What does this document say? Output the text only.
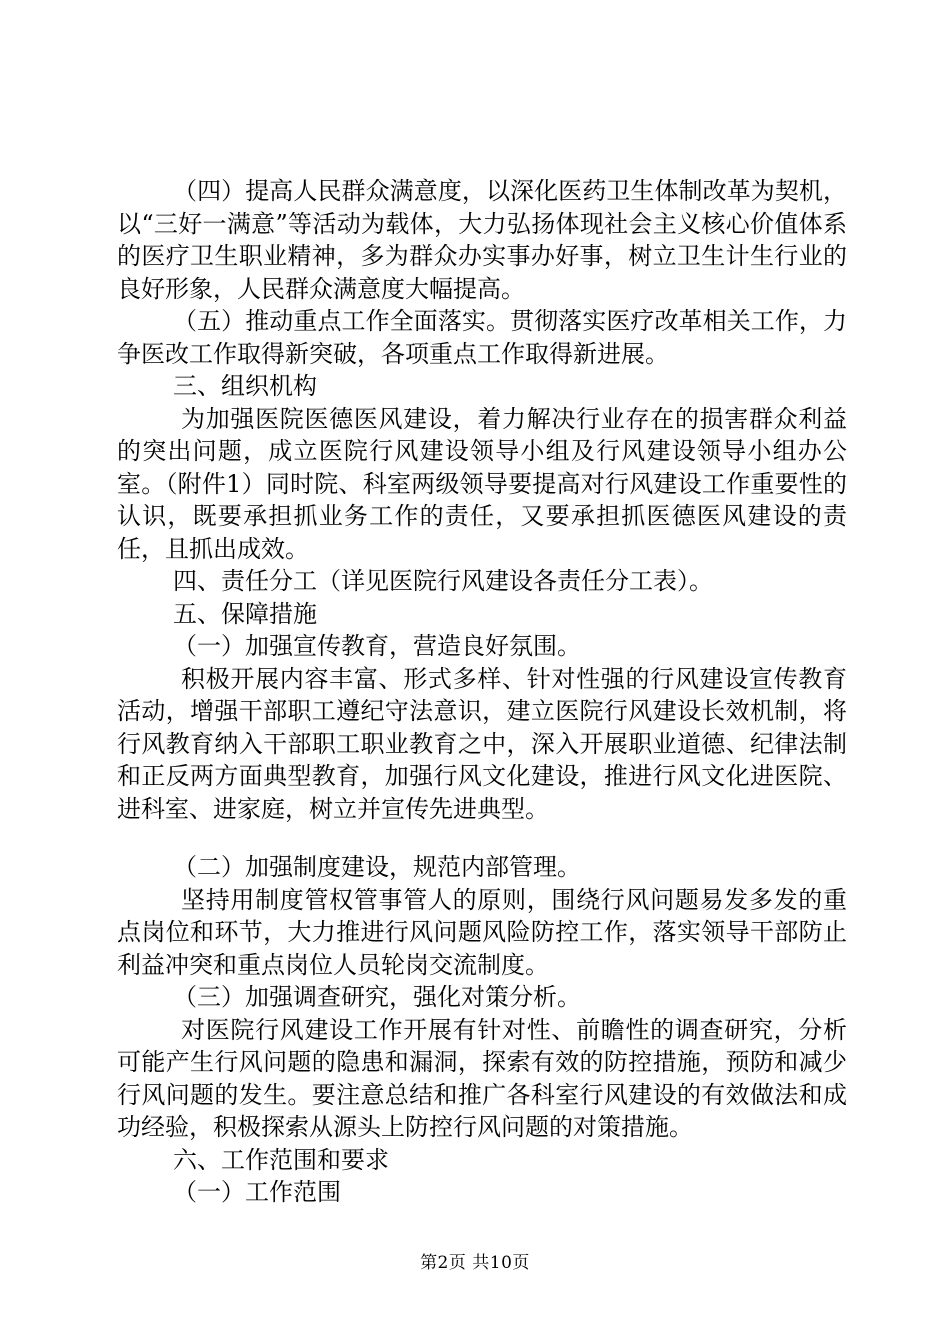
（四）提高人民群众满意度，以深化医药卫生体制改革为契机，以“三好一满意”等活动为载体，大力弘扬体现社会主义核心价值体系的医疗卫生职业精神，多为群众办实事办好事，树立卫生计生行业的良好形象，人民群众满意度大幅提高。

（五）推动重点工作全面落实。贯彻落实医疗改革相关工作，力争医改工作取得新突破，各项重点工作取得新进展。

三、组织机构

为加强医院医德医风建设，着力解决行业存在的损害群众利益的突出问题，成立医院行风建设领导小组及行风建设领导小组办公室。（附件1）同时院、科室两级领导要提高对行风建设工作重要性的认识，既要承担抓业务工作的责任，又要承担抓医德医风建设的责任，且抓出成效。

四、责任分工（详见医院行风建设各责任分工表）。

五、保障措施

（一）加强宣传教育，营造良好氛围。

积极开展内容丰富、形式多样、针对性强的行风建设宣传教育活动，增强干部职工遵纪守法意识，建立医院行风建设长效机制，将行风教育纳入干部职工职业教育之中，深入开展职业道德、纪律法制和正反两方面典型教育，加强行风文化建设，推进行风文化进医院、进科室、进家庭，树立并宣传先进典型。

（二）加强制度建设，规范内部管理。

坚持用制度管权管事管人的原则，围绕行风问题易发多发的重点岗位和环节，大力推进行风问题风险防控工作，落实领导干部防止利益冲突和重点岗位人员轮岗交流制度。

（三）加强调查研究，强化对策分析。

对医院行风建设工作开展有针对性、前瞻性的调查研究，分析可能产生行风问题的隐患和漏洞，探索有效的防控措施，预防和减少行风问题的发生。要注意总结和推广各科室行风建设的有效做法和成功经验，积极探索从源头上防控行风问题的对策措施。

六、工作范围和要求

（一）工作范围

第2页 共10页
